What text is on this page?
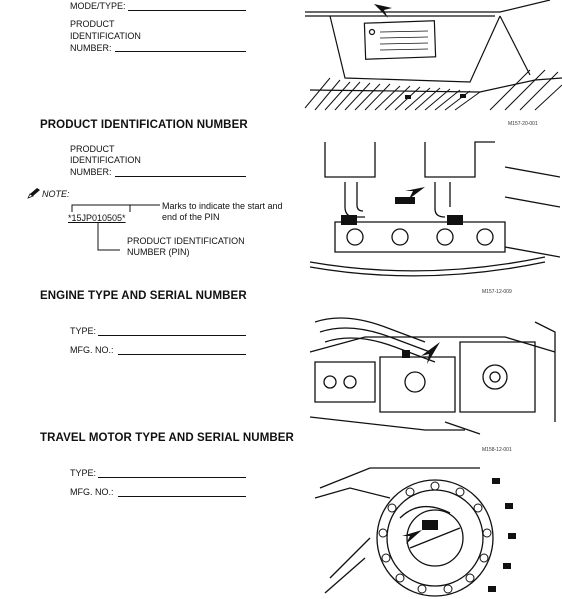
MODE/TYPE:
PRODUCT
IDENTIFICATION
NUMBER:
M157-20-001
PRODUCT IDENTIFICATION NUMBER
PRODUCT
IDENTIFICATION
NUMBER:
NOTE:
*15JP010505*
Marks to indicate the start and
end of the PIN
PRODUCT IDENTIFICATION
NUMBER (PIN)
M157-12-009
ENGINE TYPE AND SERIAL NUMBER
TYPE:
MFG. NO.:
M158-12-001
TRAVEL MOTOR TYPE AND SERIAL NUMBER
TYPE:
MFG. NO.:
